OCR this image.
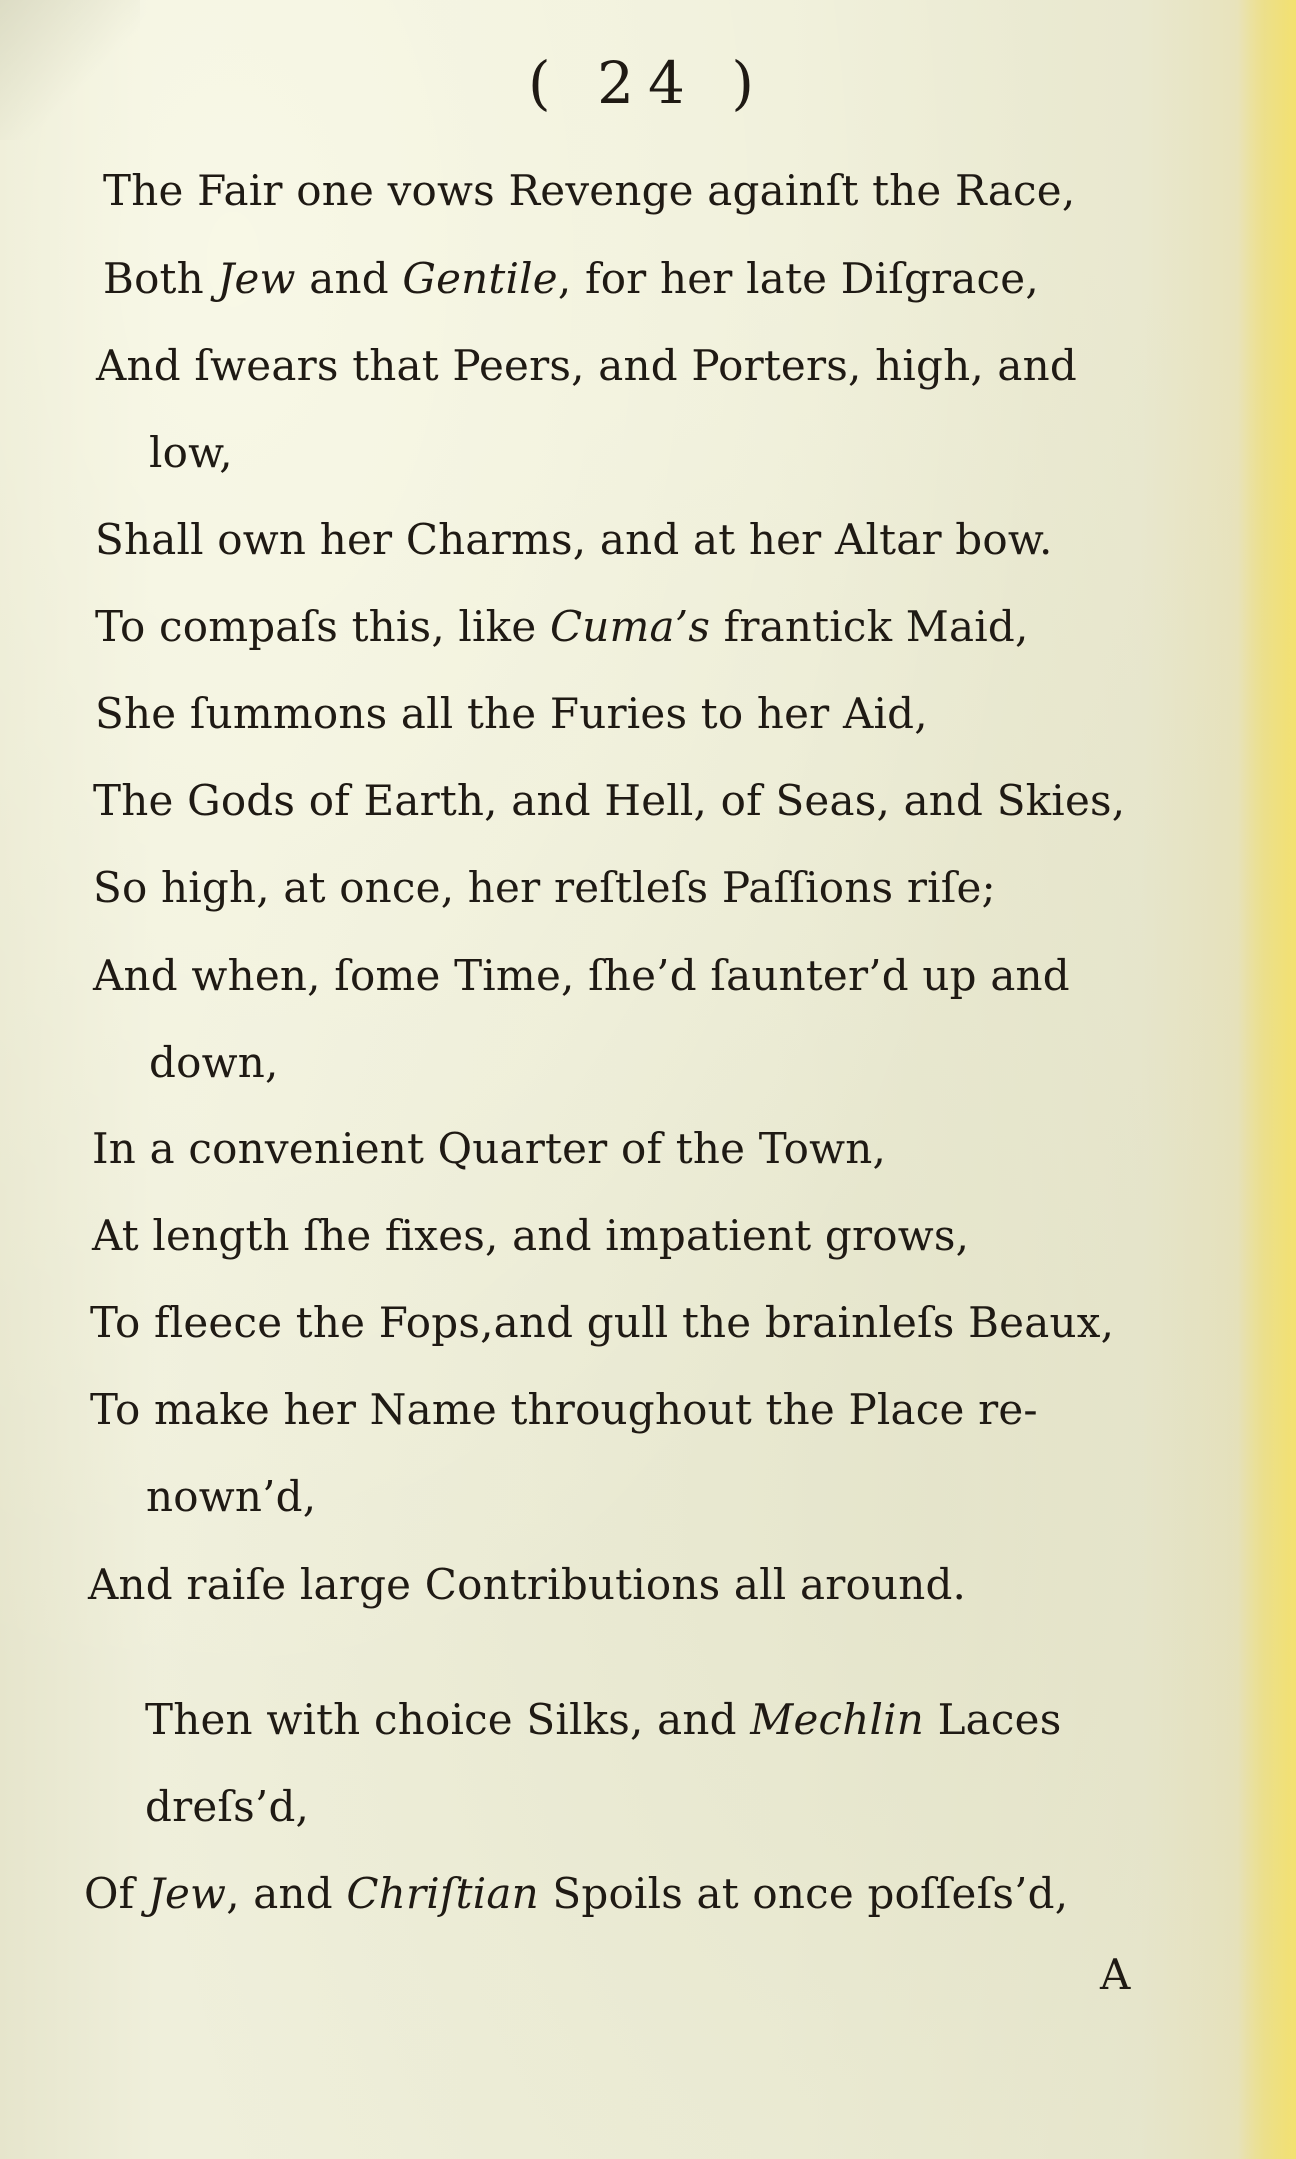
( 24 )
The Fair one vows Revenge againſt the Race,
Both Jew and Gentile, for her late Diſgrace,
And ſwears that Peers, and Porters, high, and
low,
Shall own her Charms, and at her Altar bow.
To compaſs this, like Cuma’s frantick Maid,
She ſummons all the Furies to her Aid,
The Gods of Earth, and Hell, of Seas, and Skies,
So high, at once, her reſtleſs Paſſions riſe;
And when, ſome Time, ſhe’d ſaunter’d up and
down,
In a convenient Quarter of the Town,
At length ſhe fixes, and impatient grows,
To fleece the Fops,and gull the brainleſs Beaux,
To make her Name throughout the Place re-
nown’d,
And raiſe large Contributions all around.
Then with choice Silks, and Mechlin Laces
dreſs’d,
Of Jew, and Chriſtian Spoils at once poſſeſs’d,
A
